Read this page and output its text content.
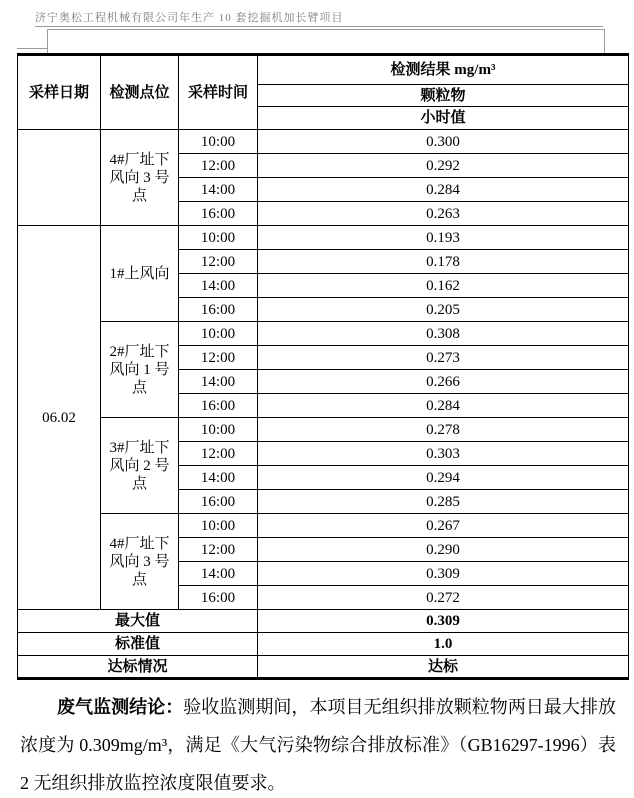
济宁奥松工程机械有限公司年生产 10 套挖掘机加长臂项目
采样日期	检测点位	采样时间	检测结果 mg/m³
			颗粒物
			小时值
	4#厂址下风向 3 号点	10:00	0.300
		12:00	0.292
		14:00	0.284
		16:00	0.263
06.02	1#上风向	10:00	0.193
		12:00	0.178
		14:00	0.162
		16:00	0.205
	2#厂址下风向 1 号点	10:00	0.308
		12:00	0.273
		14:00	0.266
		16:00	0.284
	3#厂址下风向 2 号点	10:00	0.278
		12:00	0.303
		14:00	0.294
		16:00	0.285
	4#厂址下风向 3 号点	10:00	0.267
		12:00	0.290
		14:00	0.309
		16:00	0.272
最大值			0.309
标准值			1.0
达标情况			达标

废气监测结论：验收监测期间，本项目无组织排放颗粒物两日最大排放浓度为 0.309mg/m³，满足《大气污染物综合排放标准》（GB16297-1996）表 2 无组织排放监控浓度限值要求。
